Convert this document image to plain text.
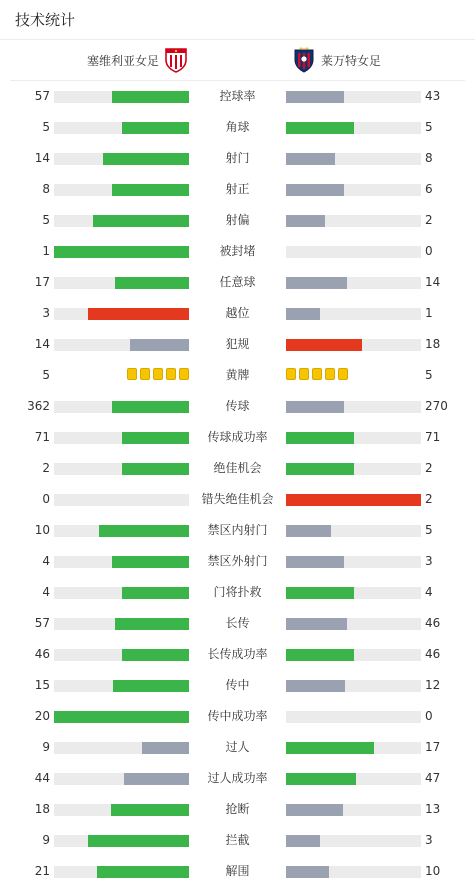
技术统计
塞维利亚女足	莱万特女足
57	控球率	43
5	角球	5
14	射门	8
8	射正	6
5	射偏	2
1	被封堵	0
17	任意球	14
3	越位	1
14	犯规	18
5	黄牌	5
362	传球	270
71	传球成功率	71
2	绝佳机会	2
0	错失绝佳机会	2
10	禁区内射门	5
4	禁区外射门	3
4	门将扑救	4
57	长传	46
46	长传成功率	46
15	传中	12
20	传中成功率	0
9	过人	17
44	过人成功率	47
18	抢断	13
9	拦截	3
21	解围	10
